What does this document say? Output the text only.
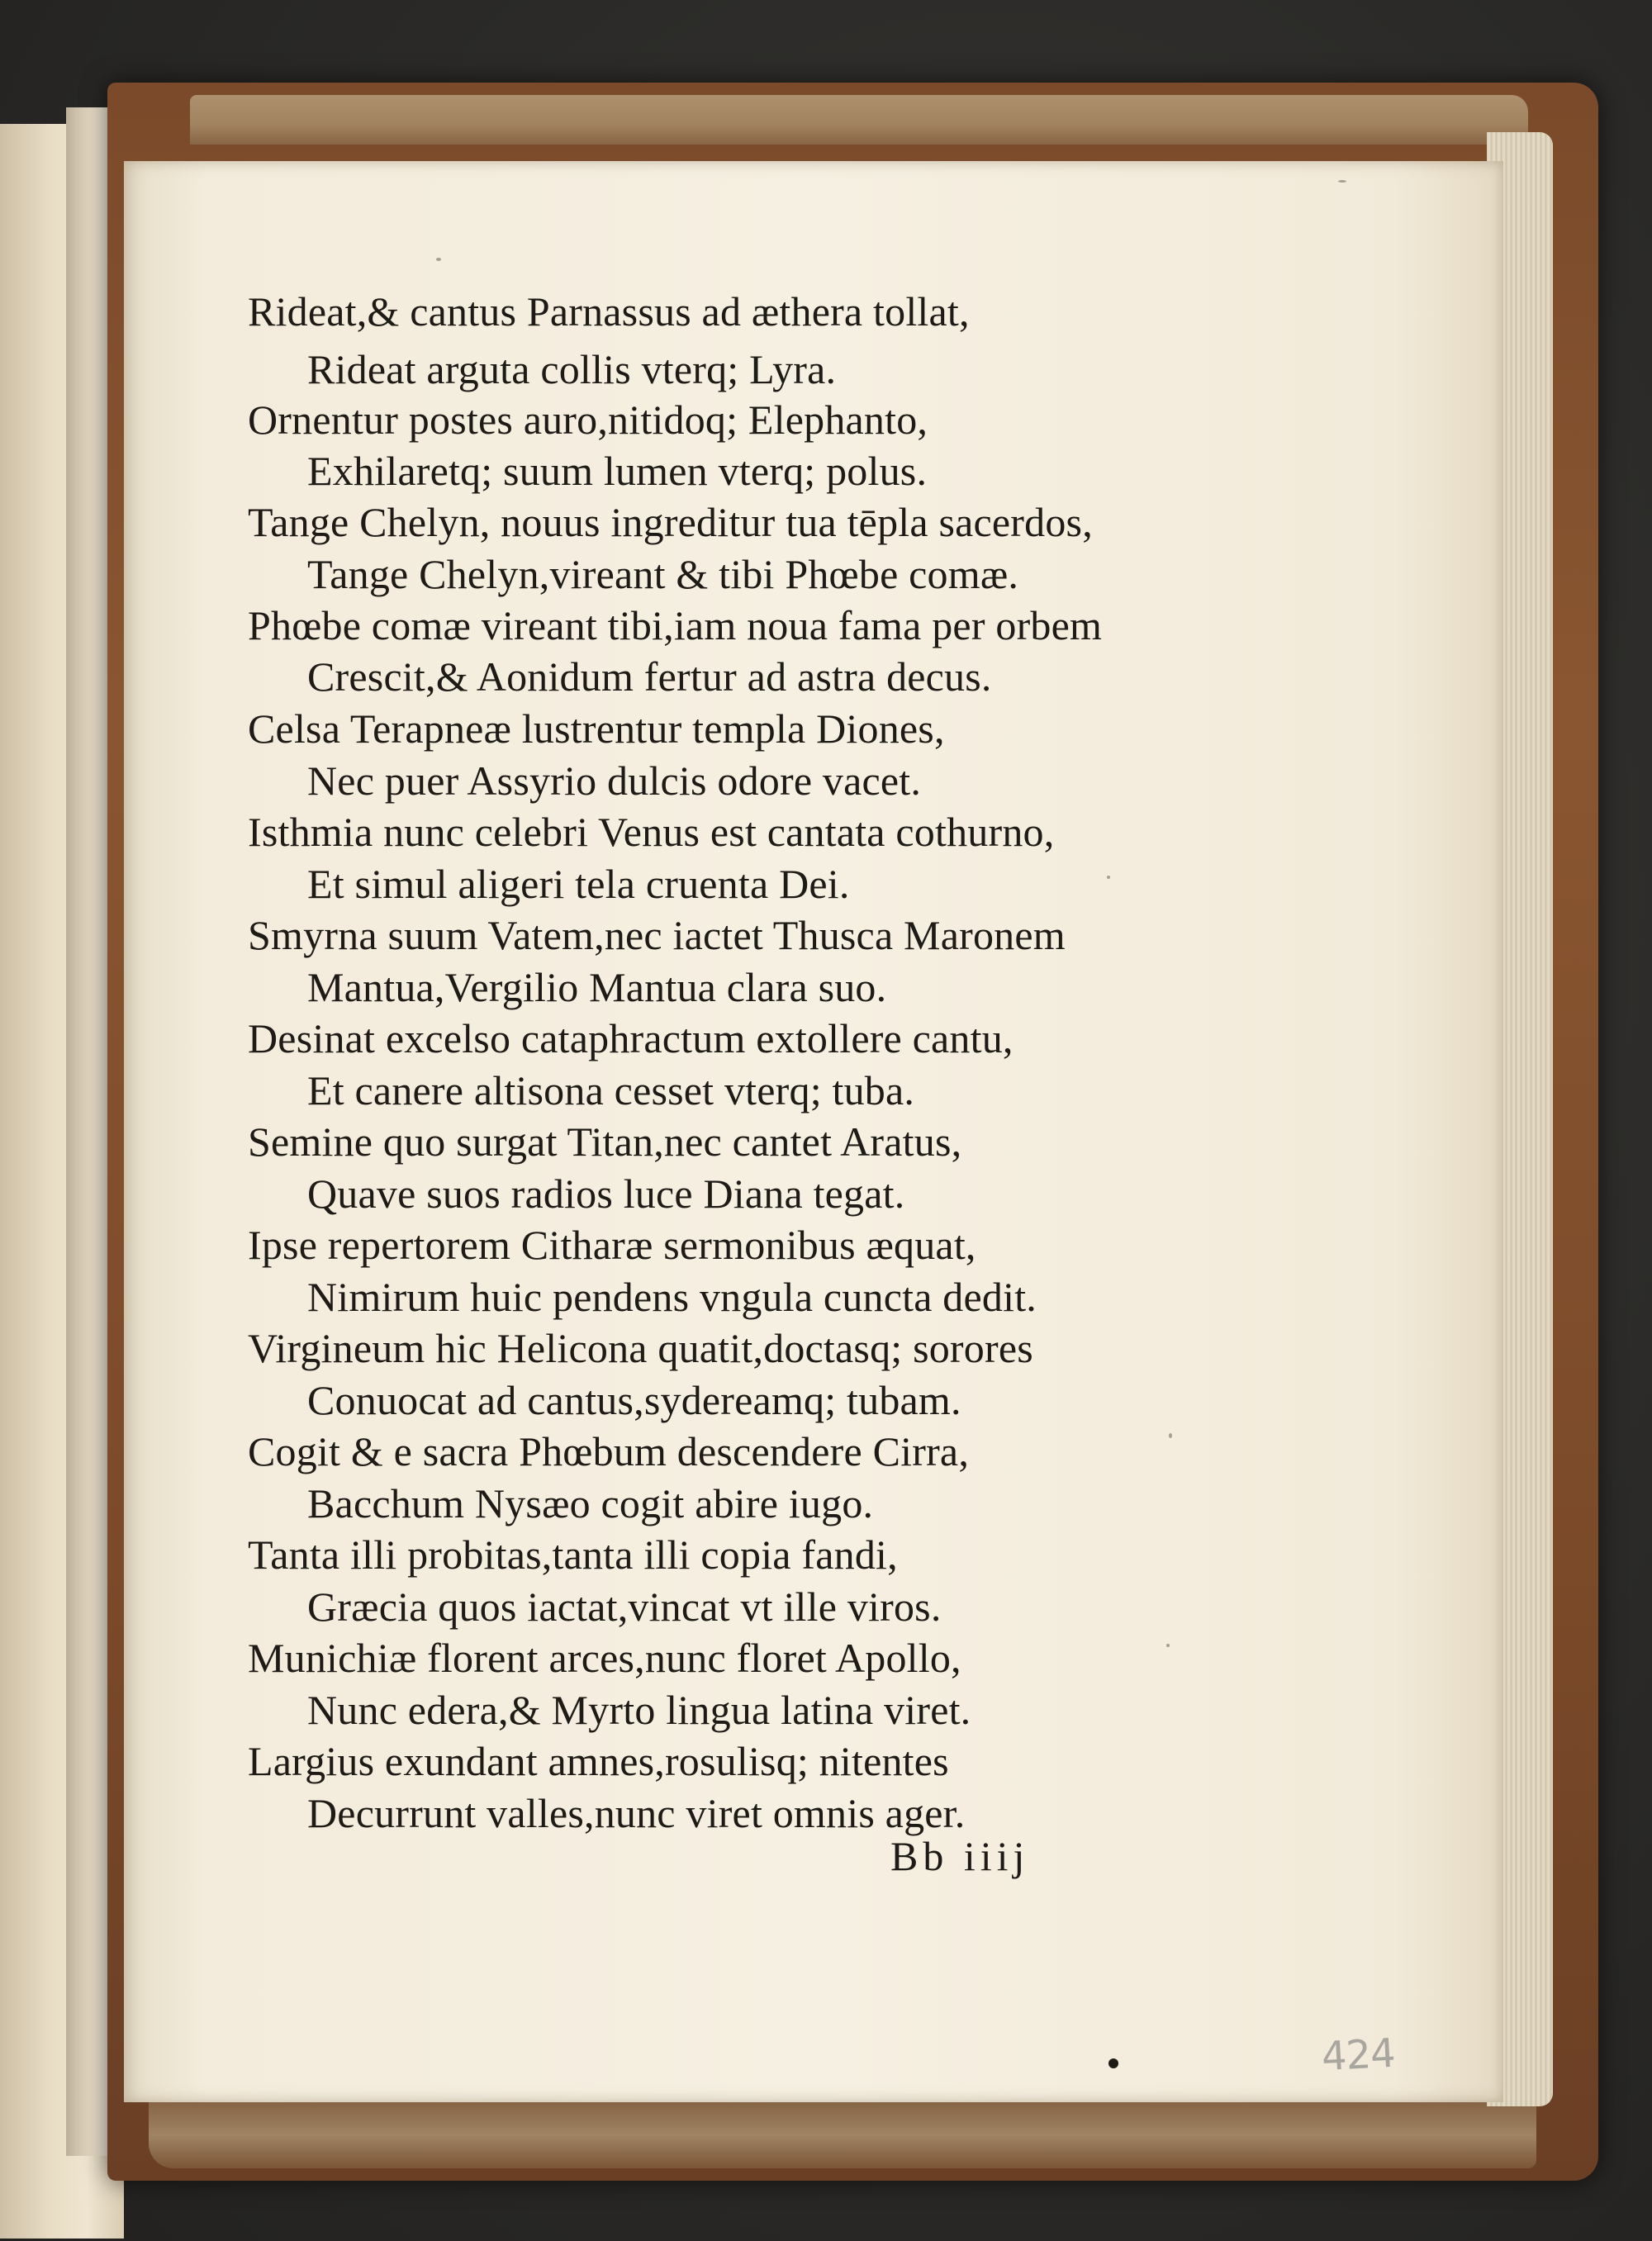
Rideat,& cantus Parnassus ad æthera tollat,
Rideat arguta collis vterq; Lyra.
Ornentur postes auro,nitidoq; Elephanto,
Exhilaretq; suum lumen vterq; polus.
Tange Chelyn, nouus ingreditur tua tēpla sacerdos,
Tange Chelyn,vireant & tibi Phœbe comæ.
Phœbe comæ vireant tibi,iam noua fama per orbem
Crescit,& Aonidum fertur ad astra decus.
Celsa Terapneæ lustrentur templa Diones,
Nec puer Assyrio dulcis odore vacet.
Isthmia nunc celebri Venus est cantata cothurno,
Et simul aligeri tela cruenta Dei.
Smyrna suum Vatem,nec iactet Thusca Maronem
Mantua,Vergilio Mantua clara suo.
Desinat excelso cataphractum extollere cantu,
Et canere altisona cesset vterq; tuba.
Semine quo surgat Titan,nec cantet Aratus,
Quave suos radios luce Diana tegat.
Ipse repertorem Citharæ sermonibus æquat,
Nimirum huic pendens vngula cuncta dedit.
Virgineum hic Helicona quatit,doctasq; sorores
Conuocat ad cantus,sydereamq; tubam.
Cogit & e sacra Phœbum descendere Cirra,
Bacchum Nysæo cogit abire iugo.
Tanta illi probitas,tanta illi copia fandi,
Græcia quos iactat,vincat vt ille viros.
Munichiæ florent arces,nunc floret Apollo,
Nunc edera,& Myrto lingua latina viret.
Largius exundant amnes,rosulisq; nitentes
Decurrunt valles,nunc viret omnis ager.
Bb iiij
424
